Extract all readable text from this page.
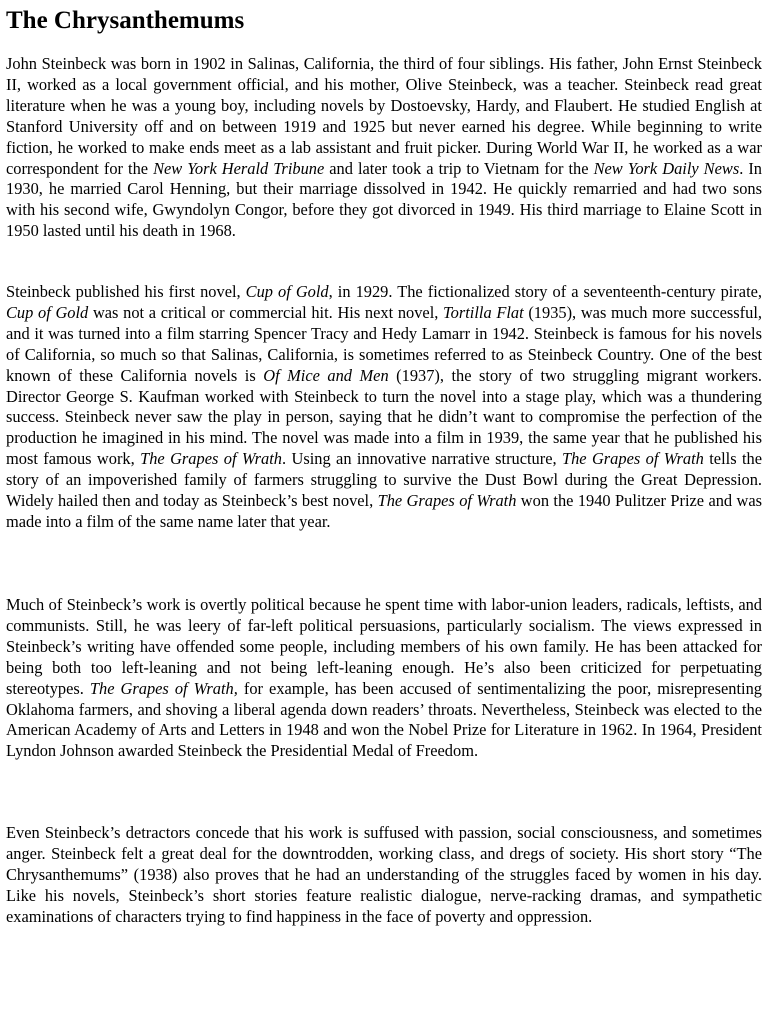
The Chrysanthemums

John Steinbeck was born in 1902 in Salinas, California, the third of four siblings. His father, John Ernst Steinbeck II, worked as a local government official, and his mother, Olive Steinbeck, was a teacher. Steinbeck read great literature when he was a young boy, including novels by Dostoevsky, Hardy, and Flaubert. He studied English at Stanford University off and on between 1919 and 1925 but never earned his degree. While beginning to write fiction, he worked to make ends meet as a lab assistant and fruit picker. During World War II, he worked as a war correspondent for the New York Herald Tribune and later took a trip to Vietnam for the New York Daily News. In 1930, he married Carol Henning, but their marriage dissolved in 1942. He quickly remarried and had two sons with his second wife, Gwyndolyn Congor, before they got divorced in 1949. His third marriage to Elaine Scott in 1950 lasted until his death in 1968.

Steinbeck published his first novel, Cup of Gold, in 1929. The fictionalized story of a seventeenth-century pirate, Cup of Gold was not a critical or commercial hit. His next novel, Tortilla Flat (1935), was much more successful, and it was turned into a film starring Spencer Tracy and Hedy Lamarr in 1942. Steinbeck is famous for his novels of California, so much so that Salinas, California, is sometimes referred to as Steinbeck Country. One of the best known of these California novels is Of Mice and Men (1937), the story of two struggling migrant workers. Director George S. Kaufman worked with Steinbeck to turn the novel into a stage play, which was a thundering success. Steinbeck never saw the play in person, saying that he didn’t want to compromise the perfection of the production he imagined in his mind. The novel was made into a film in 1939, the same year that he published his most famous work, The Grapes of Wrath. Using an innovative narrative structure, The Grapes of Wrath tells the story of an impoverished family of farmers struggling to survive the Dust Bowl during the Great Depression. Widely hailed then and today as Steinbeck’s best novel, The Grapes of Wrath won the 1940 Pulitzer Prize and was made into a film of the same name later that year.

Much of Steinbeck’s work is overtly political because he spent time with labor-union leaders, radicals, leftists, and communists. Still, he was leery of far-left political persuasions, particularly socialism. The views expressed in Steinbeck’s writing have offended some people, including members of his own family. He has been attacked for being both too left-leaning and not being left-leaning enough. He’s also been criticized for perpetuating stereotypes. The Grapes of Wrath, for example, has been accused of sentimentalizing the poor, misrepresenting Oklahoma farmers, and shoving a liberal agenda down readers’ throats. Nevertheless, Steinbeck was elected to the American Academy of Arts and Letters in 1948 and won the Nobel Prize for Literature in 1962. In 1964, President Lyndon Johnson awarded Steinbeck the Presidential Medal of Freedom.

Even Steinbeck’s detractors concede that his work is suffused with passion, social consciousness, and sometimes anger. Steinbeck felt a great deal for the downtrodden, working class, and dregs of society. His short story “The Chrysanthemums” (1938) also proves that he had an understanding of the struggles faced by women in his day. Like his novels, Steinbeck’s short stories feature realistic dialogue, nerve-racking dramas, and sympathetic examinations of characters trying to find happiness in the face of poverty and oppression.
